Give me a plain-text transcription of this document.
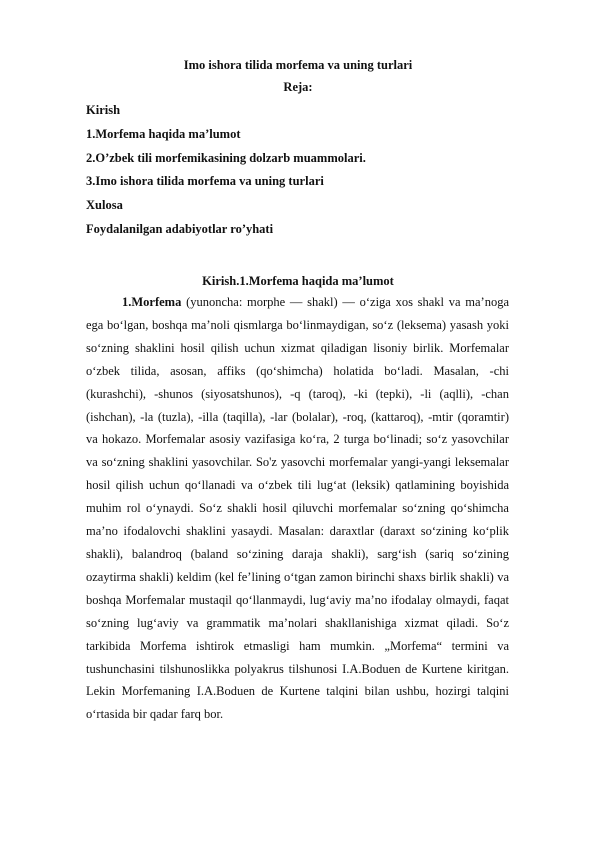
Imo ishora tilida morfema va uning turlari
Reja:
Kirish
1.Morfema haqida ma’lumot
2.O’zbek tili morfemikasining dolzarb muammolari.
3.Imo ishora tilida morfema va uning turlari
Xulosa
Foydalanilgan adabiyotlar ro’yhati
Kirish.1.Morfema haqida ma’lumot

1.Morfema (yunoncha: morphe — shakl) — o‘ziga xos shakl va ma’noga ega bo‘lgan, boshqa ma’noli qismlarga bo‘linmaydigan, so‘z (leksema) yasash yoki so‘zning shaklini hosil qilish uchun xizmat qiladigan lisoniy birlik. Morfemalar o‘zbek tilida, asosan, affiks (qo‘shimcha) holatida bo‘ladi. Masalan, -chi (kurashchi), -shunos (siyosatshunos), -q (taroq), -ki (tepki), -li (aqlli), -chan (ishchan), -la (tuzla), -illa (taqilla), -lar (bolalar), -roq, (kattaroq), -mtir (qoramtir) va hokazo. Morfemalar asosiy vazifasiga ko‘ra, 2 turga bo‘linadi; so‘z yasovchilar va so‘zning shaklini yasovchilar. So'z yasovchi morfemalar yangi-yangi leksemalar hosil qilish uchun qo‘llanadi va o‘zbek tili lug‘at (leksik) qatlamining boyishida muhim rol o‘ynaydi. So‘z shakli hosil qiluvchi morfemalar so‘zning qo‘shimcha ma’no ifodalovchi shaklini yasaydi. Masalan: daraxtlar (daraxt so‘zining ko‘plik shakli), balandroq (baland so‘zining daraja shakli), sarg‘ish (sariq so‘zining ozaytirma shakli) keldim (kel fe’lining o‘tgan zamon birinchi shaxs birlik shakli) va boshqa Morfemalar mustaqil qo‘llanmaydi, lug‘aviy ma’no ifodalay olmaydi, faqat so‘zning lug‘aviy va grammatik ma’nolari shakllanishiga xizmat qiladi. So‘z tarkibida Morfema ishtirok etmasligi ham mumkin. „Morfema“ termini va tushunchasini tilshunoslikka polyakrus tilshunosi I.A.Boduen de Kurtene kiritgan. Lekin Morfemaning I.A.Boduen de Kurtene talqini bilan ushbu, hozirgi talqini o‘rtasida bir qadar farq bor.
